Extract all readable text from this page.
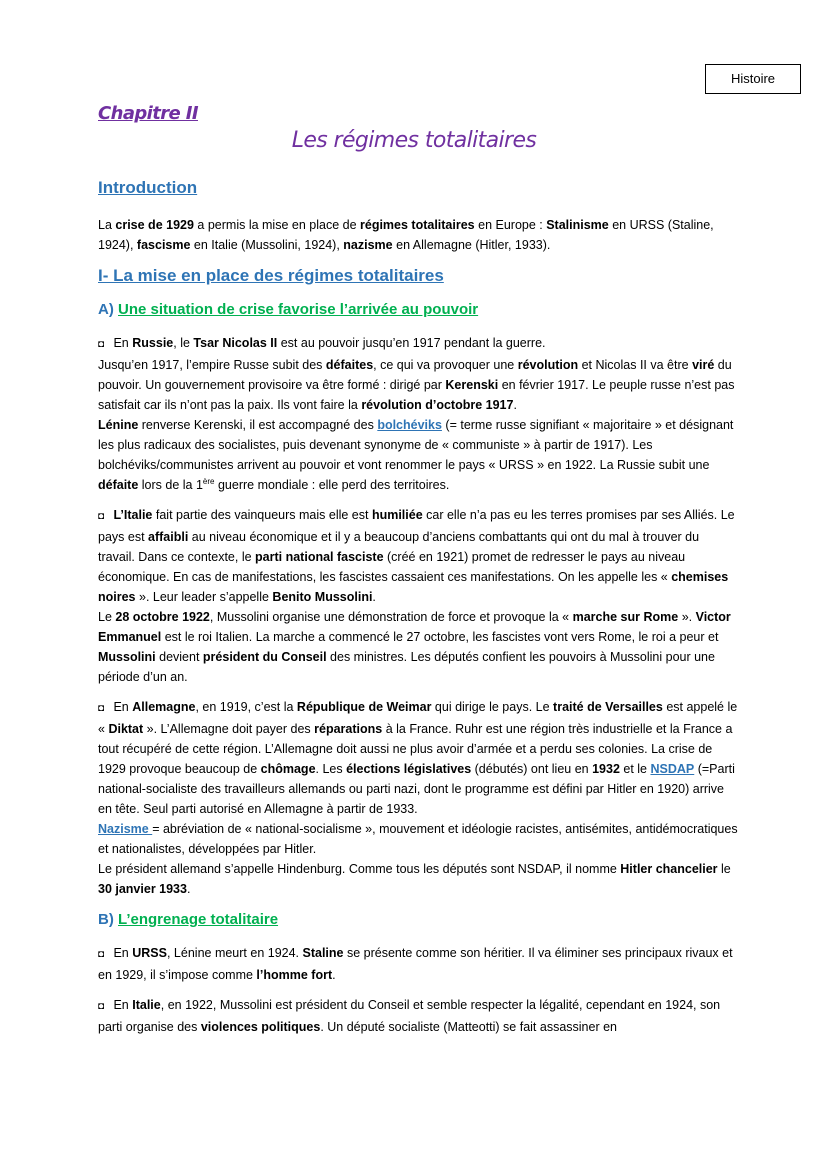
Histoire
Chapitre II
Les régimes totalitaires
Introduction

La crise de 1929 a permis la mise en place de régimes totalitaires en Europe : Stalinisme en URSS (Staline, 1924), fascisme en Italie (Mussolini, 1924), nazisme en Allemagne (Hitler, 1933).

I- La mise en place des régimes totalitaires
A) Une situation de crise favorise l’arrivée au pouvoir

◘ En Russie, le Tsar Nicolas II est au pouvoir jusqu’en 1917 pendant la guerre.
Jusqu’en 1917, l’empire Russe subit des défaites, ce qui va provoquer une révolution et Nicolas II va être viré du pouvoir. Un gouvernement provisoire va être formé : dirigé par Kerenski en février 1917. Le peuple russe n’est pas satisfait car ils n’ont pas la paix. Ils vont faire la révolution d’octobre 1917.
Lénine renverse Kerenski, il est accompagné des bolchéviks (= terme russe signifiant « majoritaire » et désignant les plus radicaux des socialistes, puis devenant synonyme de « communiste » à partir de 1917). Les bolchéviks/communistes arrivent au pouvoir et vont renommer le pays « URSS » en 1922. La Russie subit une défaite lors de la 1ère guerre mondiale : elle perd des territoires.

◘ L’Italie fait partie des vainqueurs mais elle est humiliée car elle n’a pas eu les terres promises par ses Alliés. Le pays est affaibli au niveau économique et il y a beaucoup d’anciens combattants qui ont du mal à trouver du travail. Dans ce contexte, le parti national fasciste (créé en 1921) promet de redresser le pays au niveau économique. En cas de manifestations, les fascistes cassaient ces manifestations. On les appelle les « chemises noires ». Leur leader s’appelle Benito Mussolini.
Le 28 octobre 1922, Mussolini organise une démonstration de force et provoque la « marche sur Rome ». Victor Emmanuel est le roi Italien. La marche a commencé le 27 octobre, les fascistes vont vers Rome, le roi a peur et Mussolini devient président du Conseil des ministres. Les députés confient les pouvoirs à Mussolini pour une période d’un an.

◘ En Allemagne, en 1919, c’est la République de Weimar qui dirige le pays. Le traité de Versailles est appelé le « Diktat ». L’Allemagne doit payer des réparations à la France. Ruhr est une région très industrielle et la France a tout récupéré de cette région. L’Allemagne doit aussi ne plus avoir d’armée et a perdu ses colonies. La crise de 1929 provoque beaucoup de chômage. Les élections législatives (débutés) ont lieu en 1932 et le NSDAP (=Parti national-socialiste des travailleurs allemands ou parti nazi, dont le programme est défini par Hitler en 1920) arrive en tête. Seul parti autorisé en Allemagne à partir de 1933.
Nazisme = abréviation de « national-socialisme », mouvement et idéologie racistes, antisémites, antidémocratiques et nationalistes, développées par Hitler.
Le président allemand s’appelle Hindenburg. Comme tous les députés sont NSDAP, il nomme Hitler chancelier le 30 janvier 1933.

B) L’engrenage totalitaire

◘ En URSS, Lénine meurt en 1924. Staline se présente comme son héritier. Il va éliminer ses principaux rivaux et en 1929, il s’impose comme l’homme fort.

◘ En Italie, en 1922, Mussolini est président du Conseil et semble respecter la légalité, cependant en 1924, son parti organise des violences politiques. Un député socialiste (Matteotti) se fait assassiner en
